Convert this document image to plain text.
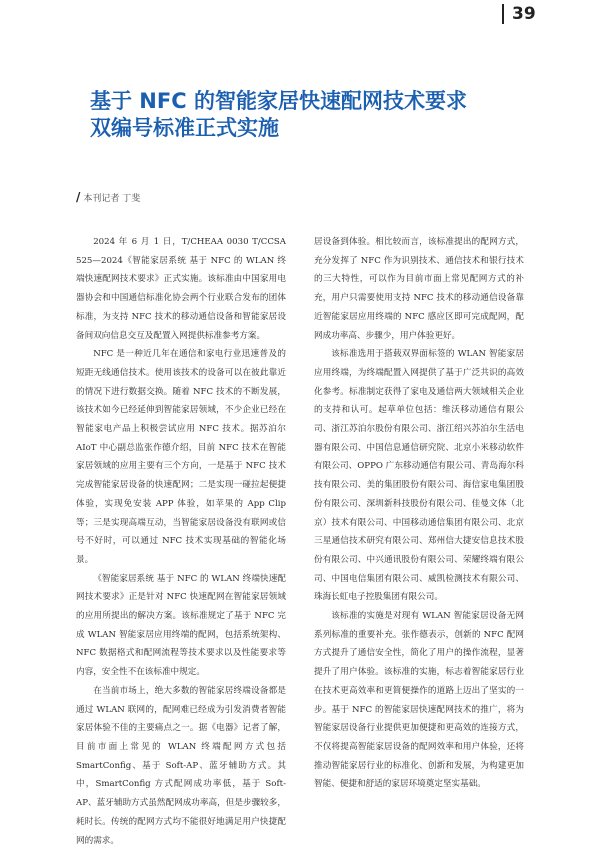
39
基于 NFC 的智能家居快速配网技术要求
双编号标准正式实施
/ 本刊记者 丁斐

2024 年 6 月 1 日，T/CHEAA 0030 T/CCSA 525—2024《智能家居系统 基于 NFC 的 WLAN 终端快速配网技术要求》正式实施。该标准由中国家用电器协会和中国通信标准化协会两个行业联合发布的团体标准，为支持 NFC 技术的移动通信设备和智能家居设备间双向信息交互及配置入网提供标准参考方案。

NFC 是一种近几年在通信和家电行业迅速普及的短距无线通信技术。使用该技术的设备可以在彼此靠近的情况下进行数据交换。随着 NFC 技术的不断发展，该技术如今已经延伸到智能家居领域，不少企业已经在智能家电产品上积极尝试应用 NFC 技术。据苏泊尔 AIoT 中心副总监张作德介绍，目前 NFC 技术在智能家居领域的应用主要有三个方向，一是基于 NFC 技术完成智能家居设备的快速配网；二是实现一碰拉起便捷体验，实现免安装 APP 体验，如苹果的 App Clip 等；三是实现高端互动，当智能家居设备没有联网或信号不好时，可以通过 NFC 技术实现基础的智能化场景。

《智能家居系统 基于 NFC 的 WLAN 终端快速配网技术要求》正是针对 NFC 快速配网在智能家居领域的应用所提出的解决方案。该标准规定了基于 NFC 完成 WLAN 智能家居应用终端的配网，包括系统架构、NFC 数据格式和配网流程等技术要求以及性能要求等内容，安全性不在该标准中规定。

在当前市场上，绝大多数的智能家居终端设备都是通过 WLAN 联网的，配网难已经成为引发消费者智能家居体验不佳的主要痛点之一。据《电器》记者了解，目前市面上常见的 WLAN 终端配网方式包括 SmartConfig、基于 Soft-AP、蓝牙辅助方式。其中，SmartConfig 方式配网成功率低，基于 Soft-AP、蓝牙辅助方式虽然配网成功率高，但是步骤较多，耗时长。传统的配网方式均不能很好地满足用户快捷配网的需求。

居设备到体验。相比较而言，该标准提出的配网方式，充分发挥了 NFC 作为识别技术、通信技术和银行技术的三大特性，可以作为目前市面上常见配网方式的补充，用户只需要使用支持 NFC 技术的移动通信设备靠近智能家居应用终端的 NFC 感应区即可完成配网，配网成功率高、步骤少，用户体验更好。

该标准选用于搭载双界面标签的 WLAN 智能家居应用终端，为终端配置入网提供了基于广泛共识的高效化参考。标准制定获得了家电及通信两大领域相关企业的支持和认可。起草单位包括：维沃移动通信有限公司、浙江苏泊尔股份有限公司、浙江绍兴苏泊尔生活电器有限公司、中国信息通信研究院、北京小米移动软件有限公司、OPPO 广东移动通信有限公司、青岛海尔科技有限公司、美的集团股份有限公司、海信家电集团股份有限公司、深圳新科技股份有限公司、佳曼文体（北京）技术有限公司、中国移动通信集团有限公司、北京三星通信技术研究有限公司、郑州信大捷安信息技术股份有限公司、中兴通讯股份有限公司、荣耀终端有限公司、中国电信集团有限公司、威凯检测技术有限公司、珠海长虹电子控股集团有限公司。

该标准的实施是对现有 WLAN 智能家居设备无网系列标准的重要补充。张作德表示，创新的 NFC 配网方式提升了通信安全性，简化了用户的操作流程，显著提升了用户体验。该标准的实施，标志着智能家居行业在技术更高效率和更简便操作的道路上迈出了坚实的一步。基于 NFC 的智能家居快速配网技术的推广，将为智能家居设备行业提供更加便捷和更高效的连接方式，不仅将提高智能家居设备的配网效率和用户体验，还将推动智能家居行业的标准化、创新和发展，为构建更加智能、便捷和舒适的家居环境奠定坚实基础。
